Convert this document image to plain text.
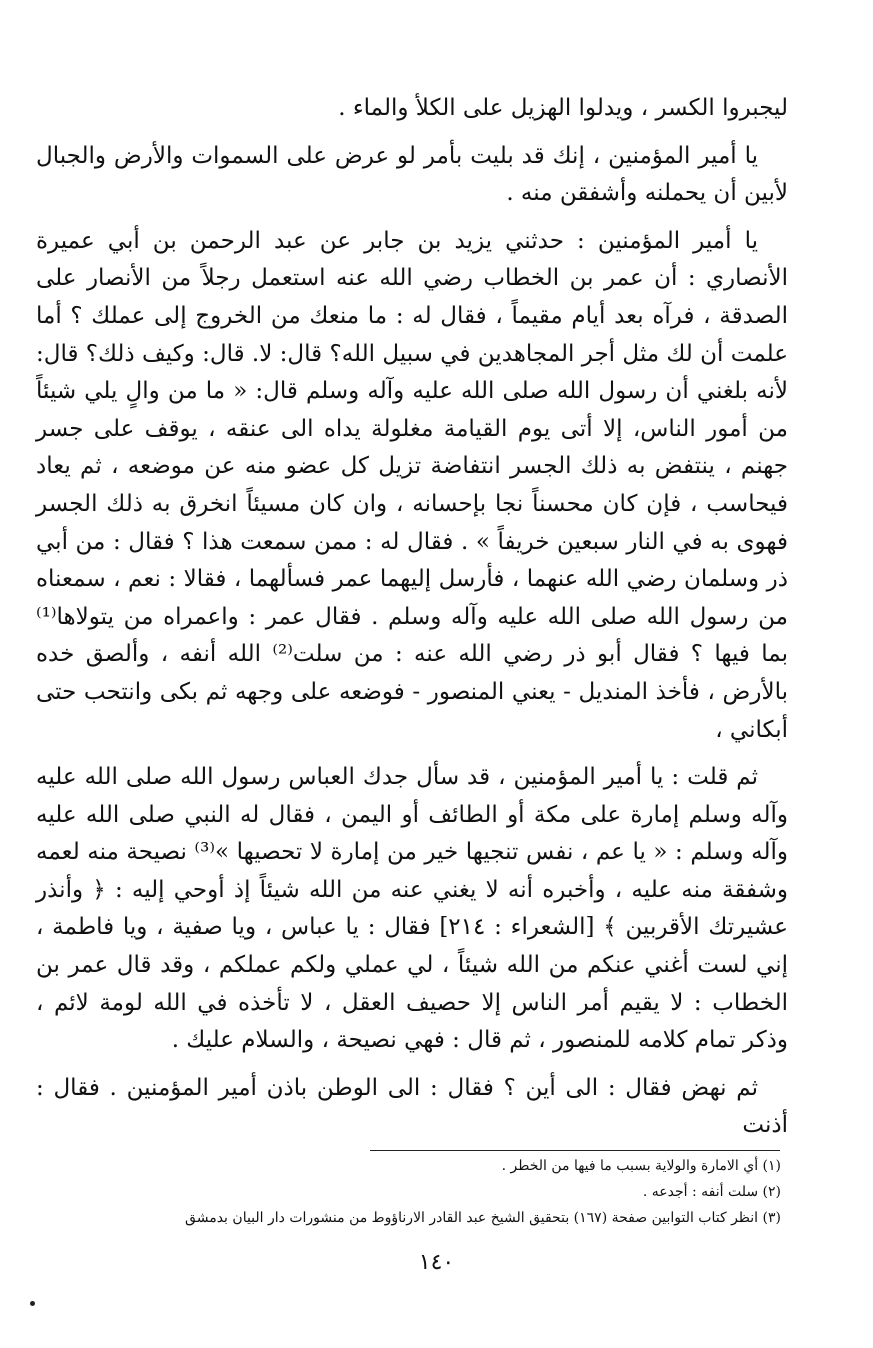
ليجبروا الكسر ، ويدلوا الهزيل على الكلأ والماء .

يا أمير المؤمنين ، إنك قد بليت بأمر لو عرض على السموات والأرض والجبال لأبين أن يحملنه وأشفقن منه .

يا أمير المؤمنين : حدثني يزيد بن جابر عن عبد الرحمن بن أبي عميرة الأنصاري : أن عمر بن الخطاب رضي الله عنه استعمل رجلاً من الأنصار على الصدقة ، فرآه بعد أيام مقيماً ، فقال له : ما منعك من الخروج إلى عملك ؟ أما علمت أن لك مثل أجر المجاهدين في سبيل الله؟ قال: لا. قال: وكيف ذلك؟ قال: لأنه بلغني أن رسول الله صلى الله عليه وآله وسلم قال: « ما من والٍ يلي شيئاً من أمور الناس، إلا أتى يوم القيامة مغلولة يداه الى عنقه ، يوقف على جسر جهنم ، ينتفض به ذلك الجسر انتفاضة تزيل كل عضو منه عن موضعه ، ثم يعاد فيحاسب ، فإن كان محسناً نجا بإحسانه ، وان كان مسيئاً انخرق به ذلك الجسر فهوى به في النار سبعين خريفاً » . فقال له : ممن سمعت هذا ؟ فقال : من أبي ذر وسلمان رضي الله عنهما ، فأرسل إليهما عمر فسألهما ، فقالا : نعم ، سمعناه من رسول الله صلى الله عليه وآله وسلم . فقال عمر : واعمراه من يتولاها⁽¹⁾ بما فيها ؟ فقال أبو ذر رضي الله عنه : من سلت⁽²⁾ الله أنفه ، وألصق خده بالأرض ، فأخذ المنديل - يعني المنصور - فوضعه على وجهه ثم بكى وانتحب حتى أبكاني ،

ثم قلت : يا أمير المؤمنين ، قد سأل جدك العباس رسول الله صلى الله عليه وآله وسلم إمارة على مكة أو الطائف أو اليمن ، فقال له النبي صلى الله عليه وآله وسلم : « يا عم ، نفس تنجيها خير من إمارة لا تحصيها »⁽³⁾ نصيحة منه لعمه وشفقة منه عليه ، وأخبره أنه لا يغني عنه من الله شيئاً إذ أوحي إليه : ﴿ وأنذر عشيرتك الأقربين ﴾ [الشعراء : ٢١٤] فقال : يا عباس ، ويا صفية ، ويا فاطمة ، إني لست أغني عنكم من الله شيئاً ، لي عملي ولكم عملكم ، وقد قال عمر بن الخطاب : لا يقيم أمر الناس إلا حصيف العقل ، لا تأخذه في الله لومة لائم ، وذكر تمام كلامه للمنصور ، ثم قال : فهي نصيحة ، والسلام عليك .

ثم نهض فقال : الى أين ؟ فقال : الى الوطن باذن أمير المؤمنين . فقال : أذنت

(١) أي الامارة والولاية بسبب ما فيها من الخطر .
(٢) سلت أنفه : أجدعه .
(٣) انظر كتاب التوابين صفحة (١٦٧) بتحقيق الشيخ عبد القادر الارناؤوط من منشورات دار البيان بدمشق
١٤٠
